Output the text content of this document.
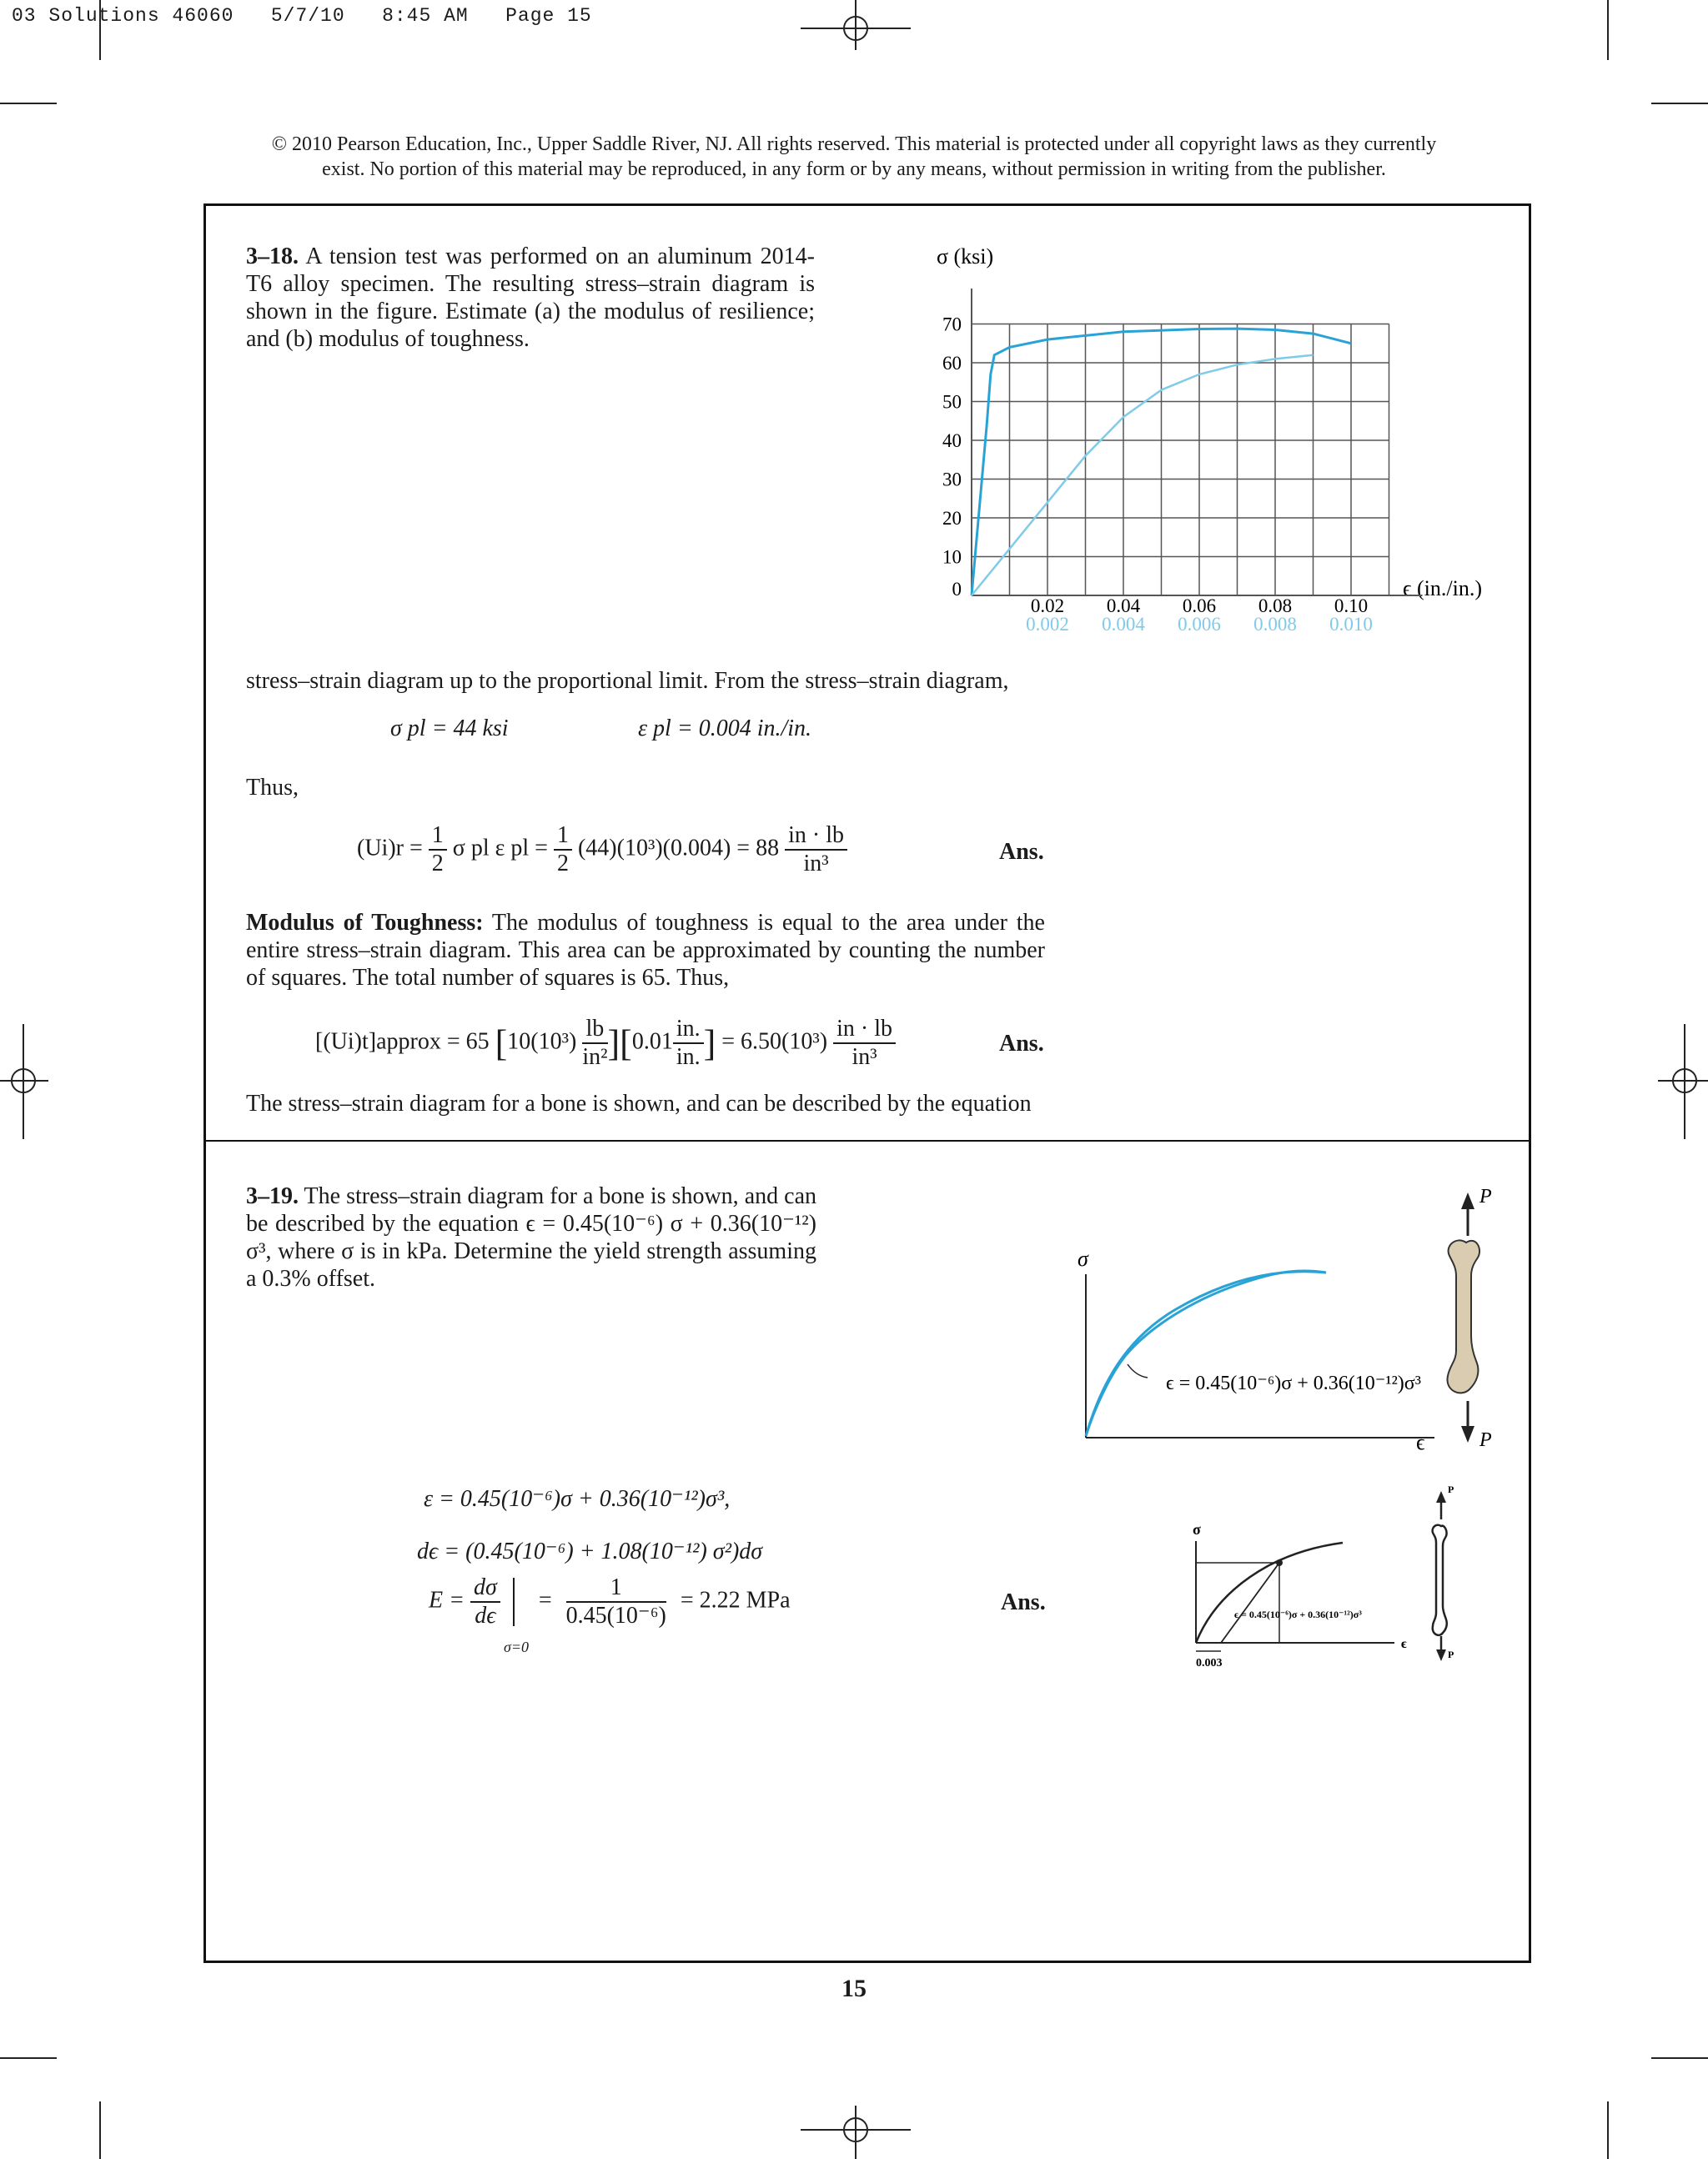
03 Solutions 46060   5/7/10   8:45 AM   Page 15
© 2010 Pearson Education, Inc., Upper Saddle River, NJ. All rights reserved. This material is protected under all copyright laws as they currently
exist. No portion of this material may be reproduced, in any form or by any means, without permission in writing from the publisher.
3–18. A tension test was performed on an aluminum 2014-T6 alloy specimen. The resulting stress–strain diagram is shown in the figure. Estimate (a) the modulus of resilience; and (b) modulus of toughness.
σ (ksi)
ϵ (in./in.)
70
60
50
40
30
20
10
0
0.02
0.002
0.04
0.004
0.06
0.006
0.08
0.008
0.10
0.010
stress–strain diagram up to the proportional limit. From the stress–strain diagram,
σ pl = 44 ksi	ε pl = 0.004 in./in.
Thus,
$(Ui)r = \frac{1}{2}$ σ pl ε pl = $\frac{1}{2} (44)(10^3)(0.004) = 88 \frac{in \cdot lb}{\text{in³}}$	Ans.
Modulus of Toughness: The modulus of toughness is equal to the area under the entire stress–strain diagram. This area can be approximated by counting the number of squares. The total number of squares is 65. Thus,
[(Ui)t]approx = 65 $[10(10^3) \frac{lb}{\text{in²}} ][0.01 \frac{in.}{in.}$ ] = $6.50(10^3) \frac{in \cdot lb}{\text{in³}}$	Ans.
The stress–strain diagram for a bone is shown, and can be described by the equation
3–19. The stress–strain diagram for a bone is shown, and can be described by the equation ϵ = 0.45(10⁻⁶) σ + 0.36(10⁻¹²) σ³, where σ is in kPa. Determine the yield strength assuming a 0.3% offset.
σ
ϵ = 0.45(10⁻⁶)σ + 0.36(10⁻¹²)σ³
ϵ
P
P
σ
0.003
ϵ = 0.45(10⁻⁶)σ + 0.36(10⁻¹²)σ³
ϵ
P
P
ε = 0.45(10⁻⁶)σ + 0.36(10⁻¹²)σ³,
dϵ = (0.45(10⁻⁶) + 1.08(10⁻¹²) σ²)dσ
$E = \frac{d\sigma}{d\epsilon} = \frac{1}{\text{0.45(10⁻⁶)}} = 2.22$ MPa
σ=0
Ans.
15
